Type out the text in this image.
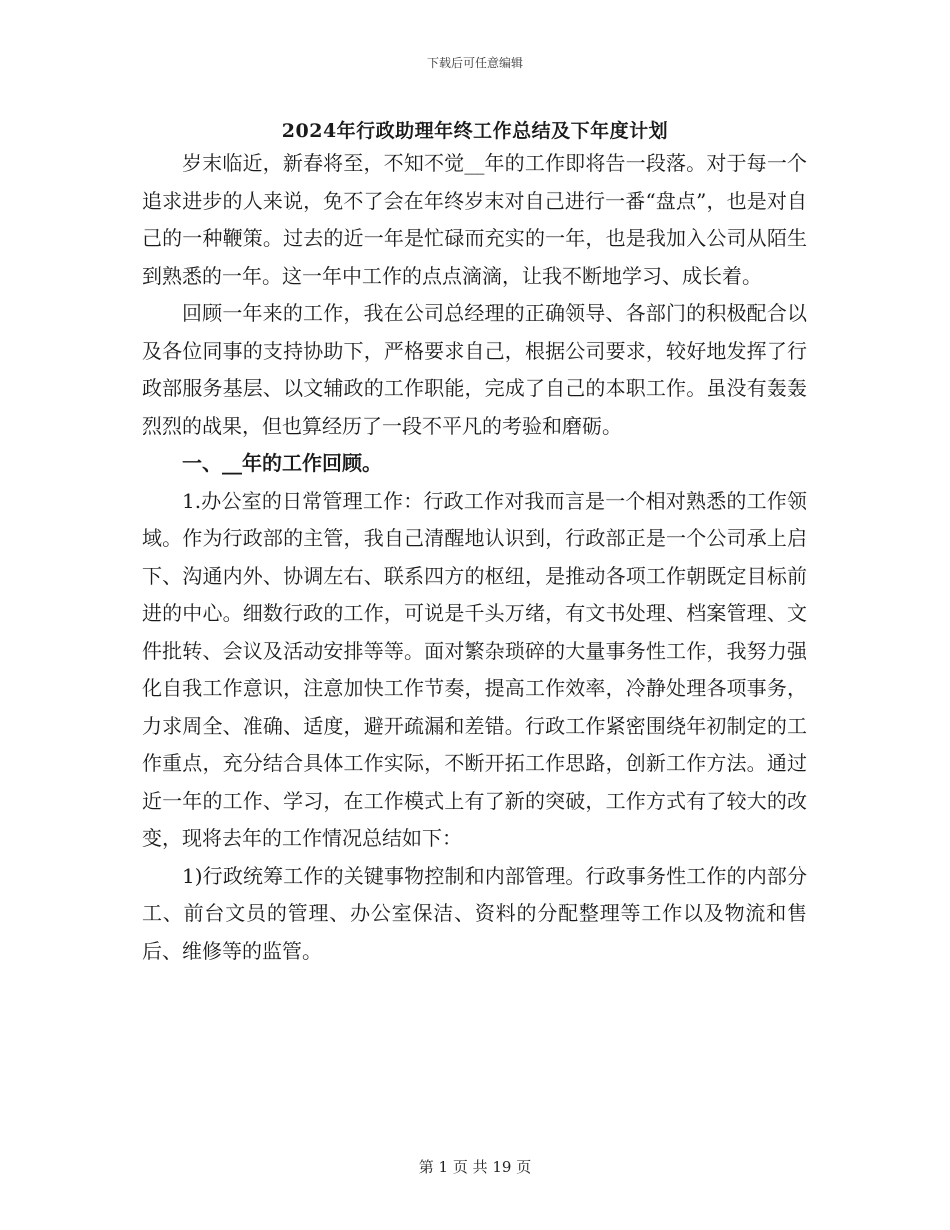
下载后可任意编辑
2024年行政助理年终工作总结及下年度计划

岁末临近，新春将至，不知不觉__年的工作即将告一段落。对于每一个追求进步的人来说，免不了会在年终岁末对自己进行一番“盘点”，也是对自己的一种鞭策。过去的近一年是忙碌而充实的一年，也是我加入公司从陌生到熟悉的一年。这一年中工作的点点滴滴，让我不断地学习、成长着。

回顾一年来的工作，我在公司总经理的正确领导、各部门的积极配合以及各位同事的支持协助下，严格要求自己，根据公司要求，较好地发挥了行政部服务基层、以文辅政的工作职能，完成了自己的本职工作。虽没有轰轰烈烈的战果，但也算经历了一段不平凡的考验和磨砺。

一、__年的工作回顾。

1.办公室的日常管理工作：行政工作对我而言是一个相对熟悉的工作领域。作为行政部的主管，我自己清醒地认识到，行政部正是一个公司承上启下、沟通内外、协调左右、联系四方的枢纽，是推动各项工作朝既定目标前进的中心。细数行政的工作，可说是千头万绪，有文书处理、档案管理、文件批转、会议及活动安排等等。面对繁杂琐碎的大量事务性工作，我努力强化自我工作意识，注意加快工作节奏，提高工作效率，冷静处理各项事务，力求周全、准确、适度，避开疏漏和差错。行政工作紧密围绕年初制定的工作重点，充分结合具体工作实际，不断开拓工作思路，创新工作方法。通过近一年的工作、学习，在工作模式上有了新的突破，工作方式有了较大的改变，现将去年的工作情况总结如下：

1)行政统筹工作的关键事物控制和内部管理。行政事务性工作的内部分工、前台文员的管理、办公室保洁、资料的分配整理等工作以及物流和售后、维修等的监管。

第 1 页 共 19 页
